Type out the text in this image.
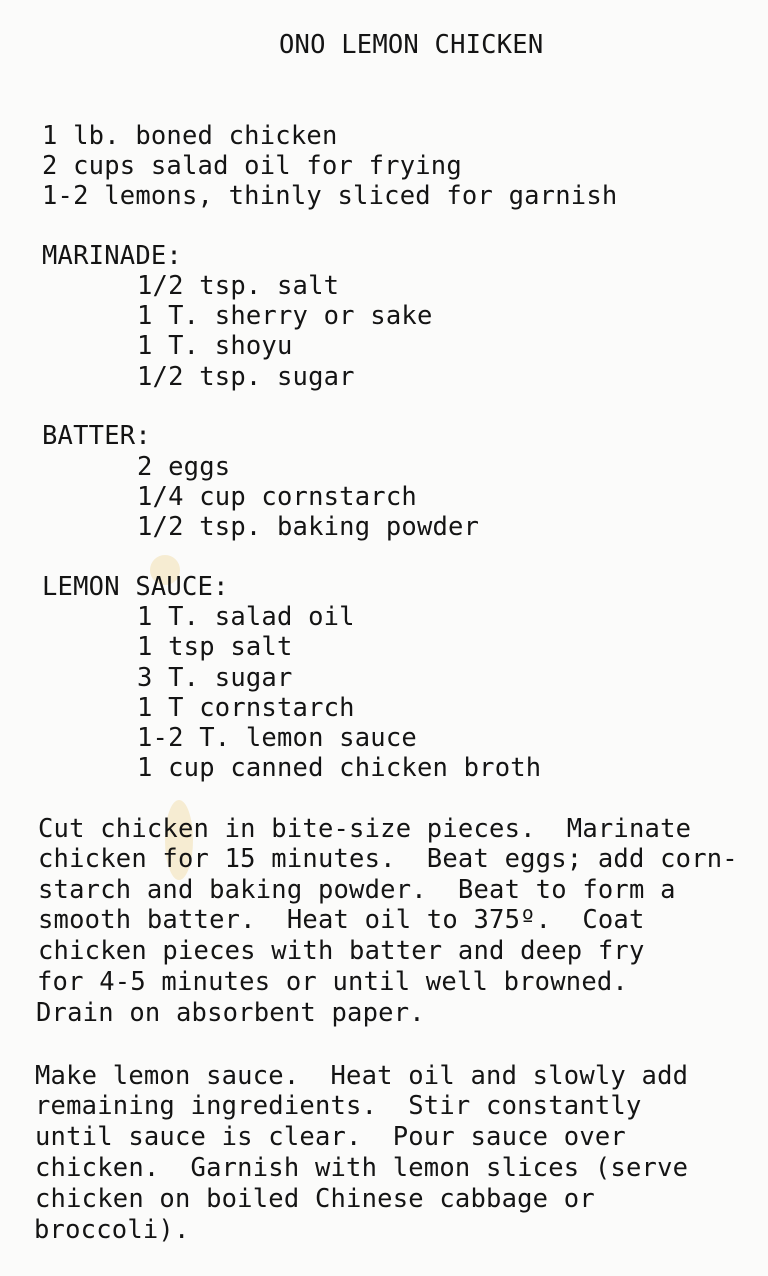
ONO LEMON CHICKEN
1 lb. boned chicken
2 cups salad oil for frying
1-2 lemons, thinly sliced for garnish
MARINADE:
1/2 tsp. salt
1 T. sherry or sake
1 T. shoyu
1/2 tsp. sugar
BATTER:
2 eggs
1/4 cup cornstarch
1/2 tsp. baking powder
LEMON SAUCE:
1 T. salad oil
1 tsp salt
3 T. sugar
1 T cornstarch
1-2 T. lemon sauce
1 cup canned chicken broth
Cut chicken in bite-size pieces.  Marinate
chicken for 15 minutes.  Beat eggs; add corn-
starch and baking powder.  Beat to form a
smooth batter.  Heat oil to 375º.  Coat
chicken pieces with batter and deep fry
for 4-5 minutes or until well browned.
Drain on absorbent paper.
Make lemon sauce.  Heat oil and slowly add
remaining ingredients.  Stir constantly
until sauce is clear.  Pour sauce over
chicken.  Garnish with lemon slices (serve
chicken on boiled Chinese cabbage or
broccoli).
